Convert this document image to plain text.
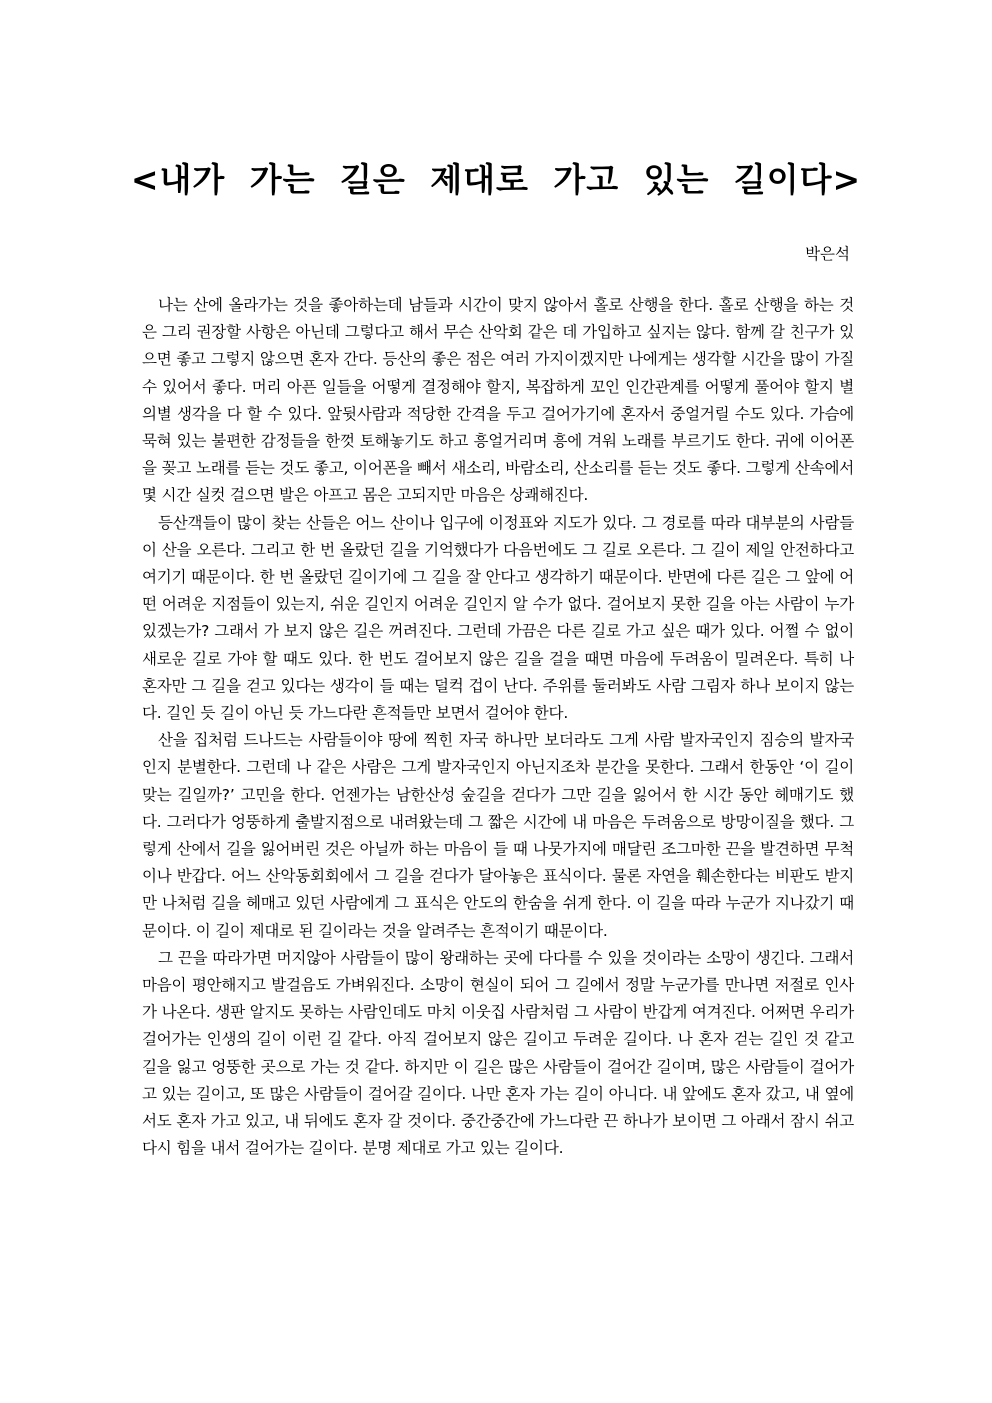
<내가 가는 길은 제대로 가고 있는 길이다>
박은석

나는 산에 올라가는 것을 좋아하는데 남들과 시간이 맞지 않아서 홀로 산행을 한다. 홀로 산행을 하는 것은 그리 권장할 사항은 아닌데 그렇다고 해서 무슨 산악회 같은 데 가입하고 싶지는 않다. 함께 갈 친구가 있으면 좋고 그렇지 않으면 혼자 간다. 등산의 좋은 점은 여러 가지이겠지만 나에게는 생각할 시간을 많이 가질 수 있어서 좋다. 머리 아픈 일들을 어떻게 결정해야 할지, 복잡하게 꼬인 인간관계를 어떻게 풀어야 할지 별의별 생각을 다 할 수 있다. 앞뒷사람과 적당한 간격을 두고 걸어가기에 혼자서 중얼거릴 수도 있다. 가슴에 묵혀 있는 불편한 감정들을 한껏 토해놓기도 하고 흥얼거리며 흥에 겨워 노래를 부르기도 한다. 귀에 이어폰을 꽂고 노래를 듣는 것도 좋고, 이어폰을 빼서 새소리, 바람소리, 산소리를 듣는 것도 좋다. 그렇게 산속에서 몇 시간 실컷 걸으면 발은 아프고 몸은 고되지만 마음은 상쾌해진다.

등산객들이 많이 찾는 산들은 어느 산이나 입구에 이정표와 지도가 있다. 그 경로를 따라 대부분의 사람들이 산을 오른다. 그리고 한 번 올랐던 길을 기억했다가 다음번에도 그 길로 오른다. 그 길이 제일 안전하다고 여기기 때문이다. 한 번 올랐던 길이기에 그 길을 잘 안다고 생각하기 때문이다. 반면에 다른 길은 그 앞에 어떤 어려운 지점들이 있는지, 쉬운 길인지 어려운 길인지 알 수가 없다. 걸어보지 못한 길을 아는 사람이 누가 있겠는가? 그래서 가 보지 않은 길은 꺼려진다. 그런데 가끔은 다른 길로 가고 싶은 때가 있다. 어쩔 수 없이 새로운 길로 가야 할 때도 있다. 한 번도 걸어보지 않은 길을 걸을 때면 마음에 두려움이 밀려온다. 특히 나 혼자만 그 길을 걷고 있다는 생각이 들 때는 덜컥 겁이 난다. 주위를 둘러봐도 사람 그림자 하나 보이지 않는다. 길인 듯 길이 아닌 듯 가느다란 흔적들만 보면서 걸어야 한다.

산을 집처럼 드나드는 사람들이야 땅에 찍힌 자국 하나만 보더라도 그게 사람 발자국인지 짐승의 발자국인지 분별한다. 그런데 나 같은 사람은 그게 발자국인지 아닌지조차 분간을 못한다. 그래서 한동안 ‘이 길이 맞는 길일까?’ 고민을 한다. 언젠가는 남한산성 숲길을 걷다가 그만 길을 잃어서 한 시간 동안 헤매기도 했다. 그러다가 엉뚱하게 출발지점으로 내려왔는데 그 짧은 시간에 내 마음은 두려움으로 방망이질을 했다. 그렇게 산에서 길을 잃어버린 것은 아닐까 하는 마음이 들 때 나뭇가지에 매달린 조그마한 끈을 발견하면 무척이나 반갑다. 어느 산악동회회에서 그 길을 걷다가 달아놓은 표식이다. 물론 자연을 훼손한다는 비판도 받지만 나처럼 길을 헤매고 있던 사람에게 그 표식은 안도의 한숨을 쉬게 한다. 이 길을 따라 누군가 지나갔기 때문이다. 이 길이 제대로 된 길이라는 것을 알려주는 흔적이기 때문이다.

그 끈을 따라가면 머지않아 사람들이 많이 왕래하는 곳에 다다를 수 있을 것이라는 소망이 생긴다. 그래서 마음이 평안해지고 발걸음도 가벼워진다. 소망이 현실이 되어 그 길에서 정말 누군가를 만나면 저절로 인사가 나온다. 생판 알지도 못하는 사람인데도 마치 이웃집 사람처럼 그 사람이 반갑게 여겨진다. 어쩌면 우리가 걸어가는 인생의 길이 이런 길 같다. 아직 걸어보지 않은 길이고 두려운 길이다. 나 혼자 걷는 길인 것 같고 길을 잃고 엉뚱한 곳으로 가는 것 같다. 하지만 이 길은 많은 사람들이 걸어간 길이며, 많은 사람들이 걸어가고 있는 길이고, 또 많은 사람들이 걸어갈 길이다. 나만 혼자 가는 길이 아니다. 내 앞에도 혼자 갔고, 내 옆에서도 혼자 가고 있고, 내 뒤에도 혼자 갈 것이다. 중간중간에 가느다란 끈 하나가 보이면 그 아래서 잠시 쉬고 다시 힘을 내서 걸어가는 길이다. 분명 제대로 가고 있는 길이다.
